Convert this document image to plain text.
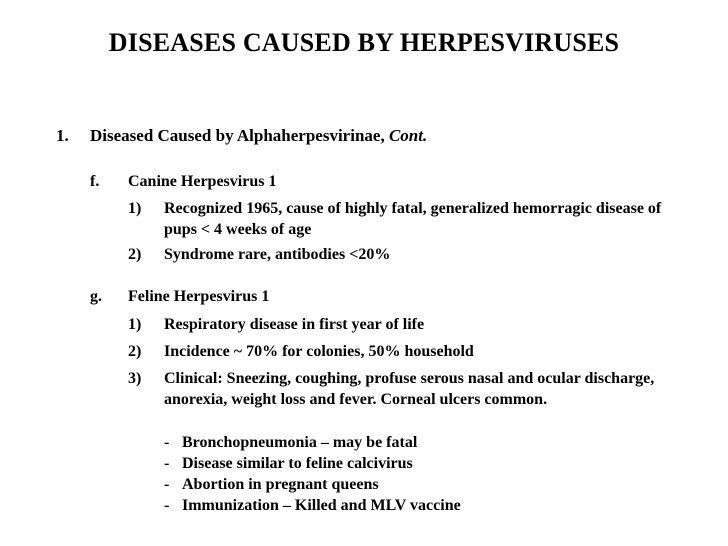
DISEASES CAUSED BY HERPESVIRUSES
1. Diseased Caused by Alphaherpesvirinae, Cont.
f. Canine Herpesvirus 1
1)	Recognized 1965, cause of highly fatal, generalized hemorragic disease of pups < 4 weeks of age
2)	Syndrome rare, antibodies <20%
g. Feline Herpesvirus 1
1)	Respiratory disease in first year of life
2)	Incidence ~ 70% for colonies, 50% household
3)	Clinical: Sneezing, coughing, profuse serous nasal and ocular discharge, anorexia, weight loss and fever. Corneal ulcers common.
- Bronchopneumonia – may be fatal
- Disease similar to feline calcivirus
- Abortion in pregnant queens
- Immunization – Killed and MLV vaccine
